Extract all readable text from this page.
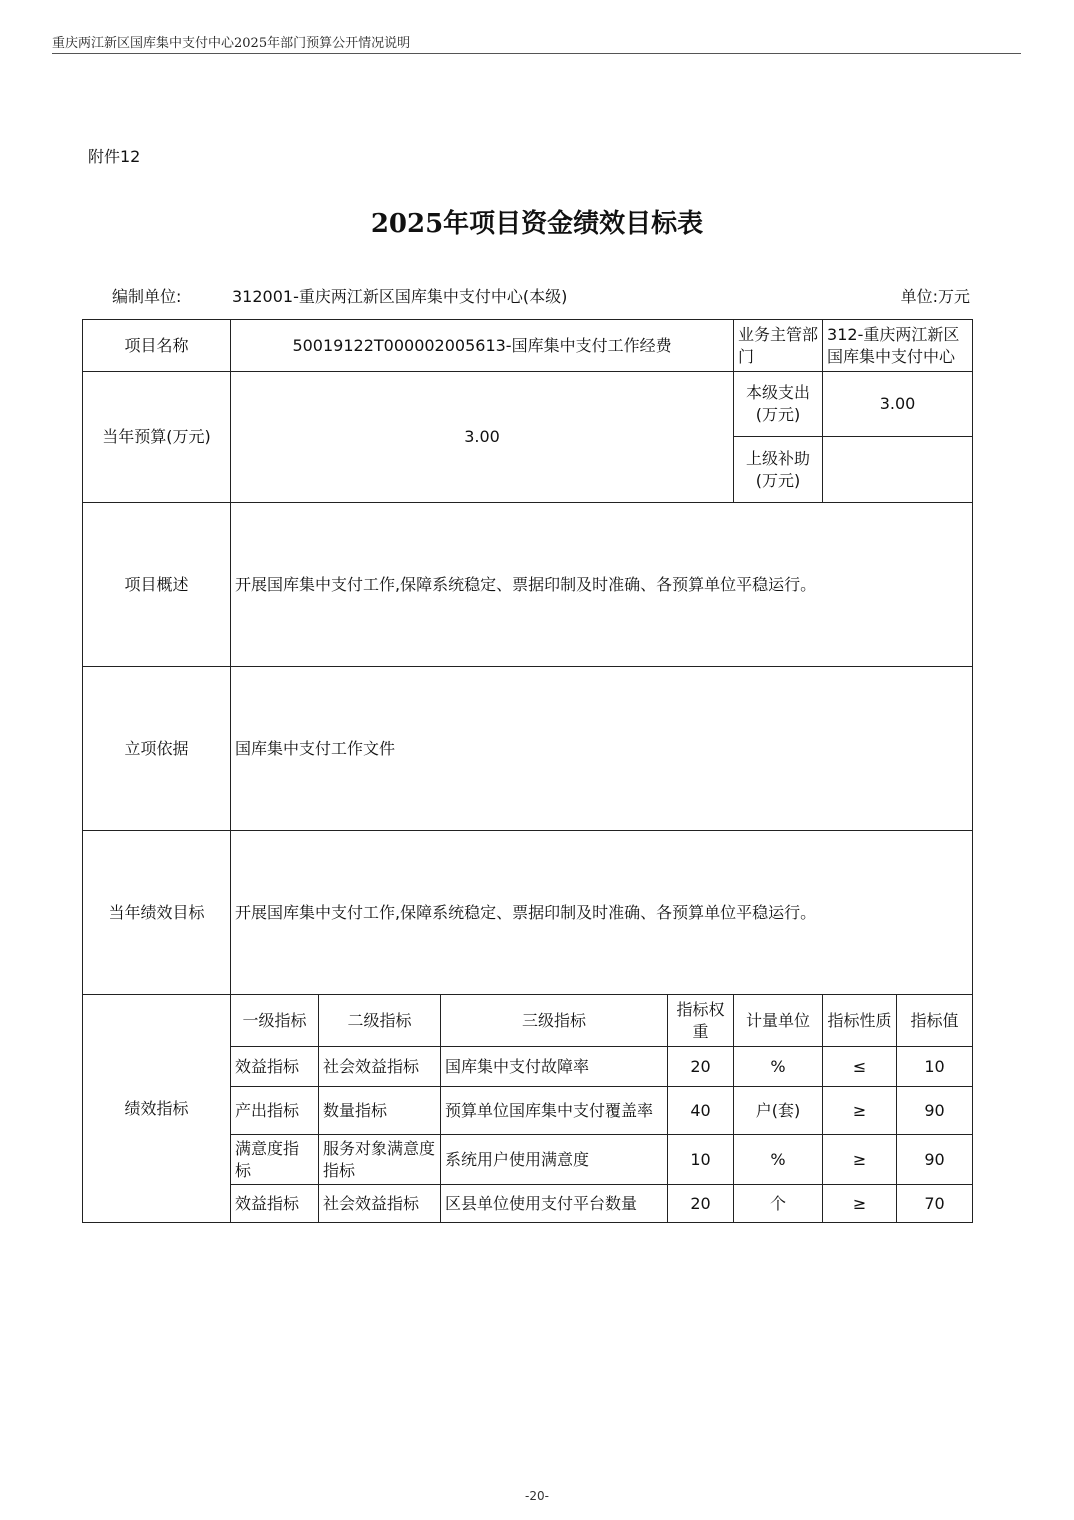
重庆两江新区国库集中支付中心2025年部门预算公开情况说明
附件12
2025年项目资金绩效目标表
编制单位:	312001-重庆两江新区国库集中支付中心(本级)	单位:万元
项目名称	50019122T000002005613-国库集中支付工作经费				业务主管部门	312-重庆两江新区国库集中支付中心	
当年预算(万元)	3.00				本级支出(万元)	3.00	
					上级补助(万元)		
项目概述	开展国库集中支付工作,保障系统稳定、票据印制及时准确、各预算单位平稳运行。						
立项依据	国库集中支付工作文件						
当年绩效目标	开展国库集中支付工作,保障系统稳定、票据印制及时准确、各预算单位平稳运行。						
绩效指标	一级指标	二级指标	三级指标	指标权重	计量单位	指标性质	指标值
	效益指标	社会效益指标	国库集中支付故障率	20	%	≤	10
	产出指标	数量指标	预算单位国库集中支付覆盖率	40	户(套)	≥	90
	满意度指标	服务对象满意度指标	系统用户使用满意度	10	%	≥	90
	效益指标	社会效益指标	区县单位使用支付平台数量	20	个	≥	70
-20-
